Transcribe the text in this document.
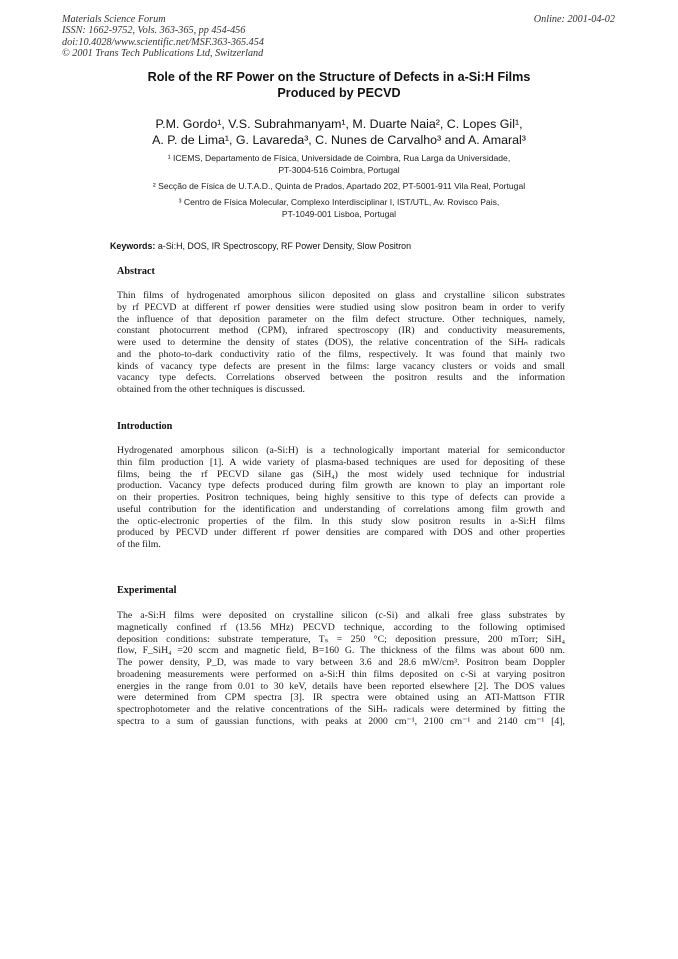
Materials Science Forum
ISSN: 1662-9752, Vols. 363-365, pp 454-456
doi:10.4028/www.scientific.net/MSF.363-365.454
© 2001 Trans Tech Publications Ltd, Switzerland
Online: 2001-04-02
Role of the RF Power on the Structure of Defects in a-Si:H Films
Produced by PECVD
P.M. Gordo¹, V.S. Subrahmanyam¹, M. Duarte Naia², C. Lopes Gil¹,
A. P. de Lima¹, G. Lavareda³, C. Nunes de Carvalho³ and A. Amaral³
¹ ICEMS, Departamento de Física, Universidade de Coimbra, Rua Larga da Universidade,
PT-3004-516 Coimbra, Portugal
² Secção de Física de U.T.A.D., Quinta de Prados, Apartado 202, PT-5001-911 Vila Real, Portugal
³ Centro de Física Molecular, Complexo Interdisciplinar I, IST/UTL, Av. Rovisco Pais,
PT-1049-001 Lisboa, Portugal
Keywords: a-Si:H, DOS, IR Spectroscopy, RF Power Density, Slow Positron
Abstract
Thin films of hydrogenated amorphous silicon deposited on glass and crystalline silicon substrates
by rf PECVD at different rf power densities were studied using slow positron beam in order to verify
the influence of that deposition parameter on the film defect structure. Other techniques, namely,
constant photocurrent method (CPM), infrared spectroscopy (IR) and conductivity measurements,
were used to determine the density of states (DOS), the relative concentration of the SiHₙ radicals
and the photo-to-dark conductivity ratio of the films, respectively. It was found that mainly two
kinds of vacancy type defects are present in the films: large vacancy clusters or voids and small
vacancy type defects. Correlations observed between the positron results and the information
obtained from the other techniques is discussed.
Introduction
Hydrogenated amorphous silicon (a-Si:H) is a technologically important material for semiconductor
thin film production [1]. A wide variety of plasma-based techniques are used for depositing of these
films, being the rf PECVD silane gas (SiH₄) the most widely used technique for industrial
production. Vacancy type defects produced during film growth are known to play an important role
on their properties. Positron techniques, being highly sensitive to this type of defects can provide a
useful contribution for the identification and understanding of correlations among film growth and
the optic-electronic properties of the film. In this study slow positron results in a-Si:H films
produced by PECVD under different rf power densities are compared with DOS and other properties
of the film.
Experimental
The a-Si:H films were deposited on crystalline silicon (c-Si) and alkali free glass substrates by
magnetically confined rf (13.56 MHz) PECVD technique, according to the following optimised
deposition conditions: substrate temperature, Tₛ = 250 °C; deposition pressure, 200 mTorr; SiH₄
flow, F_SiH₄ =20 sccm and magnetic field, B=160 G. The thickness of the films was about 600 nm.
The power density, P_D, was made to vary between 3.6 and 28.6 mW/cm³. Positron beam Doppler
broadening measurements were performed on a-Si:H thin films deposited on c-Si at varying positron
energies in the range from 0.01 to 30 keV, details have been reported elsewhere [2]. The DOS values
were determined from CPM spectra [3]. IR spectra were obtained using an ATI-Mattson FTIR
spectrophotometer and the relative concentrations of the SiHₙ radicals were determined by fitting the
spectra to a sum of gaussian functions, with peaks at 2000 cm⁻¹, 2100 cm⁻¹ and 2140 cm⁻¹ [4],
